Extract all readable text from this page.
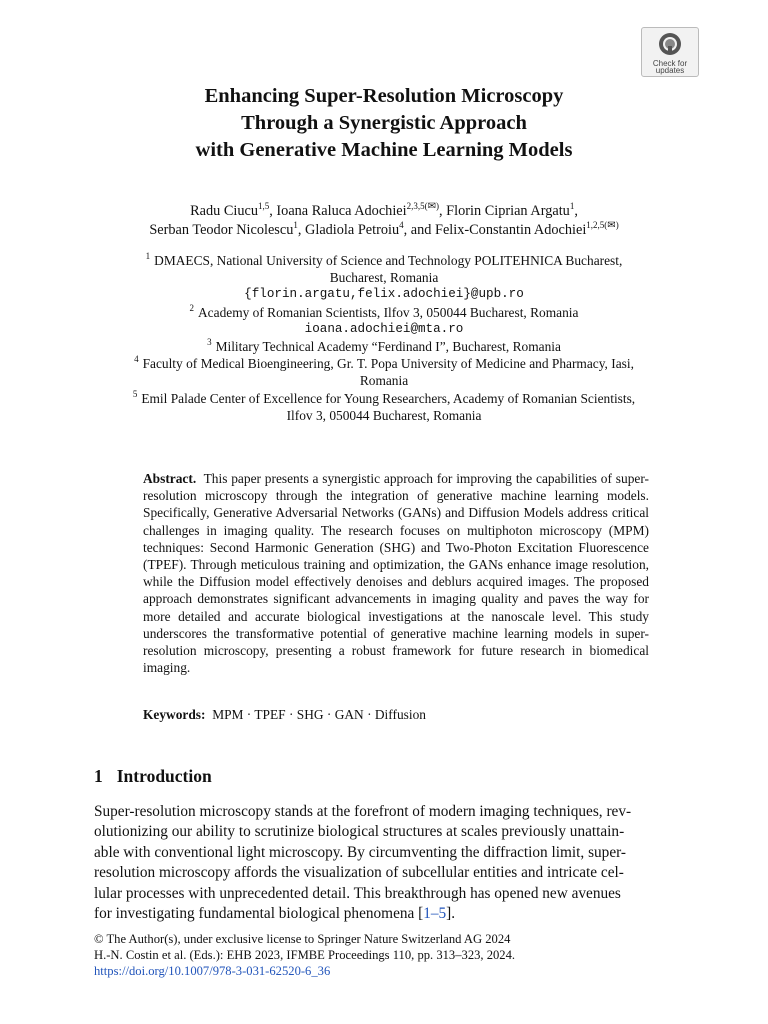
Check for
updates
Enhancing Super-Resolution Microscopy
Through a Synergistic Approach
with Generative Machine Learning Models
Radu Ciucu$^{1,5}$, Ioana Raluca Adochiei$^{2,3,5(✉)}$, Florin Ciprian Argatu$^1$,
Serban Teodor Nicolescu$^1$, Gladiola Petroiu$^4$, and Felix-Constantin Adochiei$^{1,2,5(✉)}$
$^1$ DMAECS, National University of Science and Technology POLITEHNICA Bucharest,
Bucharest, Romania
{florin.argatu,felix.adochiei}@upb.ro
$^2$ Academy of Romanian Scientists, Ilfov 3, 050044 Bucharest, Romania
ioana.adochiei@mta.ro
$^3$ Military Technical Academy “Ferdinand I”, Bucharest, Romania
$^4$ Faculty of Medical Bioengineering, Gr. T. Popa University of Medicine and Pharmacy, Iasi,
Romania
$^5$ Emil Palade Center of Excellence for Young Researchers, Academy of Romanian Scientists,
Ilfov 3, 050044 Bucharest, Romania
Abstract. This paper presents a synergistic approach for improving the capabilities of super-resolution microscopy through the integration of generative machine learning models. Specifically, Generative Adversarial Networks (GANs) and Diffusion Models address critical challenges in imaging quality. The research focuses on multiphoton microscopy (MPM) techniques: Second Harmonic Generation (SHG) and Two-Photon Excitation Fluorescence (TPEF). Through meticulous training and optimization, the GANs enhance image resolution, while the Diffusion model effectively denoises and deblurs acquired images. The proposed approach demonstrates significant advancements in imaging quality and paves the way for more detailed and accurate biological investigations at the nanoscale level. This study underscores the transformative potential of generative machine learning models in super-resolution microscopy, presenting a robust framework for future research in biomedical imaging.
Keywords: MPM · TPEF · SHG · GAN · Diffusion
1 Introduction
Super-resolution microscopy stands at the forefront of modern imaging techniques, rev-
olutionizing our ability to scrutinize biological structures at scales previously unattain-
able with conventional light microscopy. By circumventing the diffraction limit, super-
resolution microscopy affords the visualization of subcellular entities and intricate cel-
lular processes with unprecedented detail. This breakthrough has opened new avenues
for investigating fundamental biological phenomena [1–5].
© The Author(s), under exclusive license to Springer Nature Switzerland AG 2024
H.-N. Costin et al. (Eds.): EHB 2023, IFMBE Proceedings 110, pp. 313–323, 2024.
https://doi.org/10.1007/978-3-031-62520-6_36
